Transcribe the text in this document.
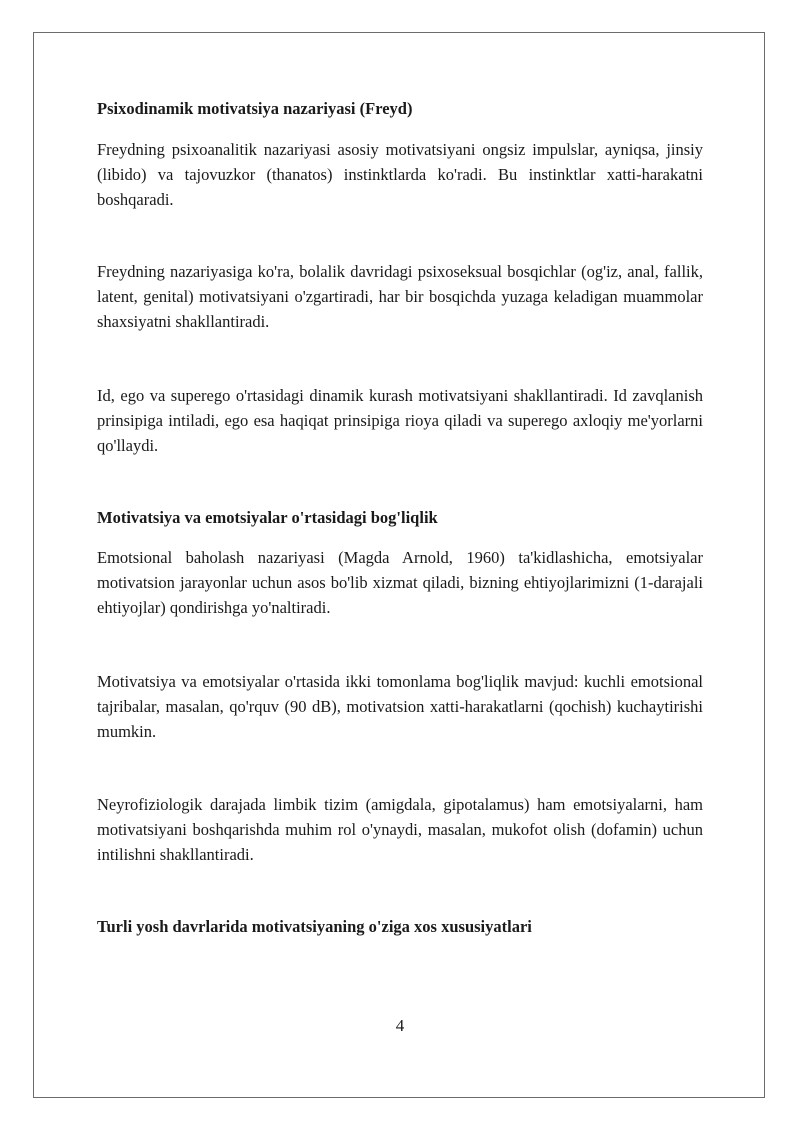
Psixodinamik motivatsiya nazariyasi (Freyd)

Freydning psixoanalitik nazariyasi asosiy motivatsiyani ongsiz impulslar, ayniqsa, jinsiy (libido) va tajovuzkor (thanatos) instinktlarda ko'radi. Bu instinktlar xatti-harakatni boshqaradi.

Freydning nazariyasiga ko'ra, bolalik davridagi psixoseksual bosqichlar (og'iz, anal, fallik, latent, genital) motivatsiyani o'zgartiradi, har bir bosqichda yuzaga keladigan muammolar shaxsiyatni shakllantiradi.

Id, ego va superego o'rtasidagi dinamik kurash motivatsiyani shakllantiradi. Id zavqlanish prinsipiga intiladi, ego esa haqiqat prinsipiga rioya qiladi va superego axloqiy me'yorlarni qo'llaydi.

Motivatsiya va emotsiyalar o'rtasidagi bog'liqlik

Emotsional baholash nazariyasi (Magda Arnold, 1960) ta'kidlashicha, emotsiyalar motivatsion jarayonlar uchun asos bo'lib xizmat qiladi, bizning ehtiyojlarimizni (1-darajali ehtiyojlar) qondirishga yo'naltiradi.

Motivatsiya va emotsiyalar o'rtasida ikki tomonlama bog'liqlik mavjud: kuchli emotsional tajribalar, masalan, qo'rquv (90 dB), motivatsion xatti-harakatlarni (qochish) kuchaytirishi mumkin.

Neyrofiziologik darajada limbik tizim (amigdala, gipotalamus) ham emotsiyalarni, ham motivatsiyani boshqarishda muhim rol o'ynaydi, masalan, mukofot olish (dofamin) uchun intilishni shakllantiradi.

Turli yosh davrlarida motivatsiyaning o'ziga xos xususiyatlari
4
